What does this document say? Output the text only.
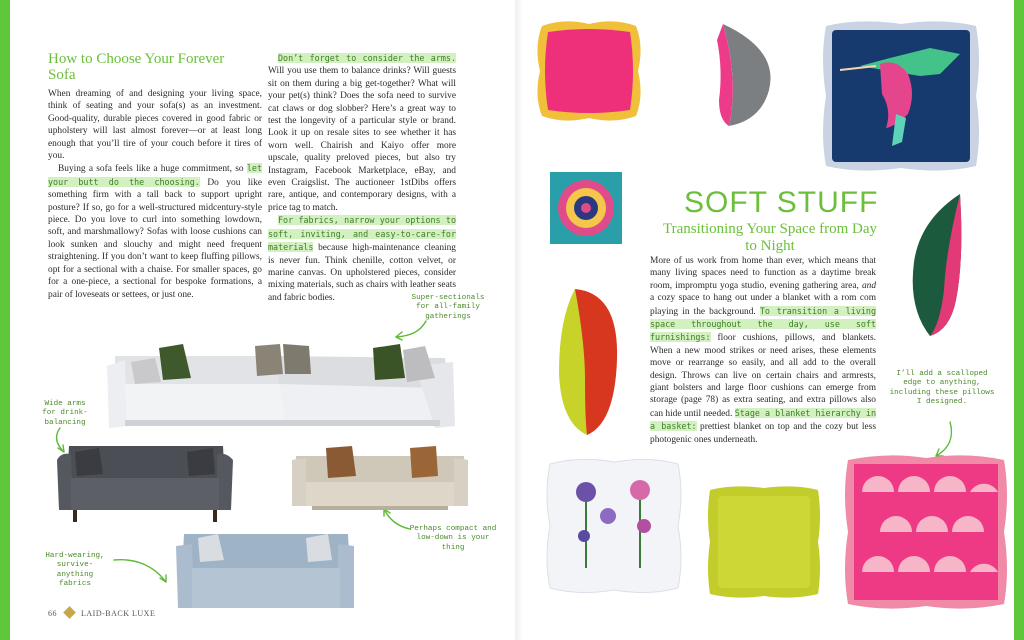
How to Choose Your Forever Sofa

When dreaming of and designing your living space, think of seating and your sofa(s) as an investment. Good-quality, durable pieces covered in good fabric or upholstery will last almost forever—or at least long enough that you’ll tire of your couch before it tires of you.

Buying a sofa feels like a huge commitment, so let your butt do the choosing. Do you like something firm with a tall back to support upright posture? If so, go for a well-structured midcentury-style piece. Do you love to curl into something lowdown, soft, and marshmallowy? Sofas with loose cushions can look sunken and slouchy and might need frequent straightening. If you don’t want to keep fluffing pillows, opt for a sectional with a chaise. For smaller spaces, go for a one-piece, a sectional for bespoke formations, a pair of loveseats or settees, or just one.

Don’t forget to consider the arms. Will you use them to balance drinks? Will guests sit on them during a big get-together? What will your pet(s) think? Does the sofa need to survive cat claws or dog slobber? Here’s a great way to test the longevity of a particular style or brand. Look it up on resale sites to see whether it has worn well. Chairish and Kaiyo offer more upscale, quality preloved pieces, but also try Instagram, Facebook Marketplace, eBay, and even Craigslist. The auctioneer 1stDibs offers rare, antique, and contemporary designs, with a price tag to match.

For fabrics, narrow your options to soft, inviting, and easy-to-care-for materials because high-maintenance cleaning is never fun. Think chenille, cotton velvet, or marine canvas. On upholstered pieces, consider mixing materials, such as chairs with leather seats and fabric bodies.	Super-sectionals for all-family gatherings
Wide arms for drink-balancing
Perhaps compact and low-down is your thing
Hard-wearing, survive-anything fabrics
66	LAID-BACK LUXE
SOFT STUFF
Transitioning Your Space from Day to Night

More of us work from home than ever, which means that many living spaces need to function as a daytime break room, impromptu yoga studio, evening gathering area, and a cozy space to hang out under a blanket with a rom com playing in the background. To transition a living space throughout the day, use soft furnishings: floor cushions, pillows, and blankets. When a new mood strikes or need arises, these elements move or rearrange so easily, and all add to the overall design. Throws can live on certain chairs and armrests, giant bolsters and large floor cushions can emerge from storage (page 78) as extra seating, and extra pillows also can hide until needed. Stage a blanket hierarchy in a basket: prettiest blanket on top and the cozy but less photogenic ones underneath.

I’ll add a scalloped edge to anything, including these pillows I designed.
